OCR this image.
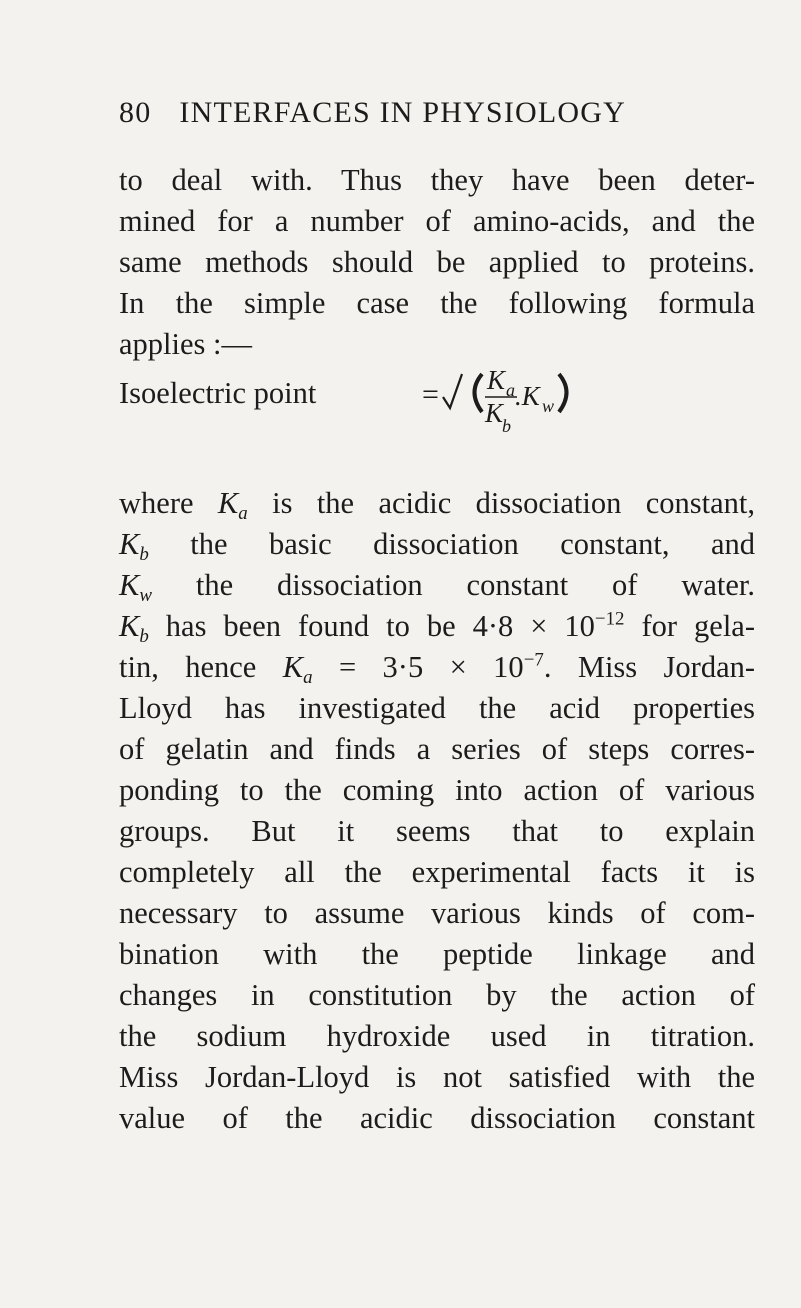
80 INTERFACES IN PHYSIOLOGY
to deal with. Thus they have been deter-
mined for a number of amino-acids, and the
same methods should be applied to proteins.
In the simple case the following formula
applies :—
Isoelectric point	= K a
K
b
.K w
where $K_a$ is the acidic dissociation constant,
$K_b$ the basic dissociation constant, and
$K_w$ the dissociation constant of water.
$K_b$ has been found to be $4\cdot 8 \times 10^{-12}$ for gela-
tin, hence $K_a = 3\cdot 5 \times 10^{-7}$. Miss Jordan-
Lloyd has investigated the acid properties
of gelatin and finds a series of steps corres-
ponding to the coming into action of various
groups. But it seems that to explain
completely all the experimental facts it is
necessary to assume various kinds of com-
bination with the peptide linkage and
changes in constitution by the action of
the sodium hydroxide used in titration.
Miss Jordan-Lloyd is not satisfied with the
value of the acidic dissociation constant
